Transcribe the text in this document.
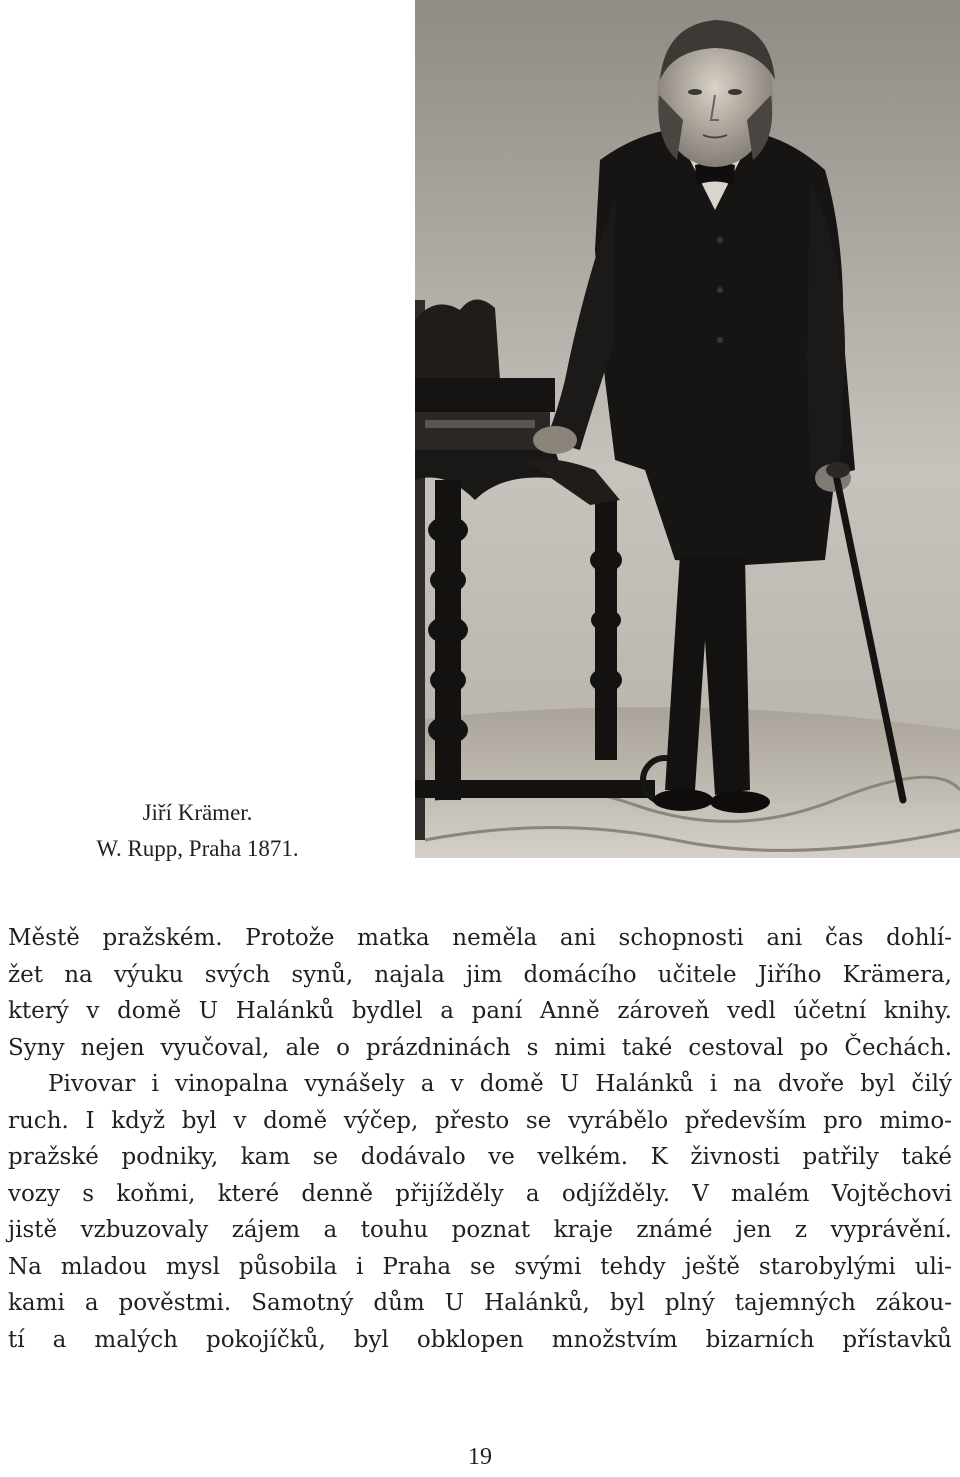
Jiří Krämer.
W. Rupp, Praha 1871.
Městě pražském. Protože matka neměla ani schopnosti ani čas dohlí-
žet na výuku svých synů, najala jim domácího učitele Jiřího Krämera,
který v domě U Halánků bydlel a paní Anně zároveň vedl účetní knihy.
Syny nejen vyučoval, ale o prázdninách s nimi také cestoval po Čechách.
Pivovar i vinopalna vynášely a v domě U Halánků i na dvoře byl čilý
ruch. I když byl v domě výčep, přesto se vyrábělo především pro mimo-
pražské podniky, kam se dodávalo ve velkém. K živnosti patřily také
vozy s koňmi, které denně přijížděly a odjížděly. V malém Vojtěchovi
jistě vzbuzovaly zájem a touhu poznat kraje známé jen z vyprávění.
Na mladou mysl působila i Praha se svými tehdy ještě starobylými uli-
kami a pověstmi. Samotný dům U Halánků, byl plný tajemných zákou-
tí a malých pokojíčků, byl obklopen množstvím bizarních přístavků
19
